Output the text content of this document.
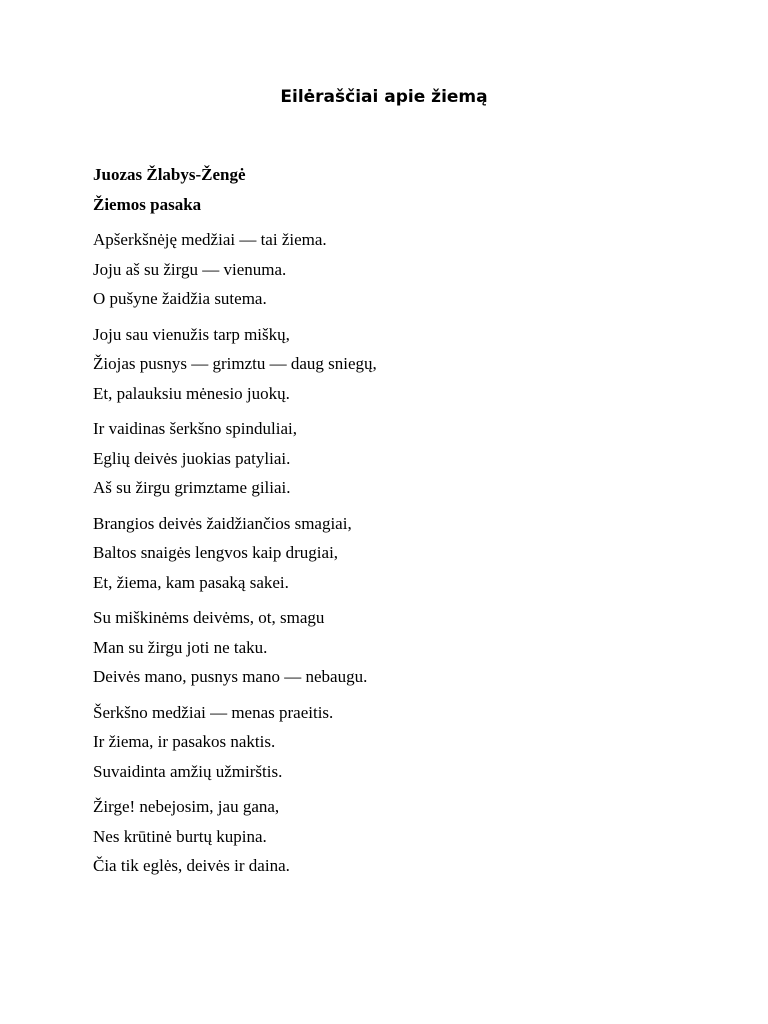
Eilėraščiai apie žiemą

Juozas Žlabys-Žengė

Žiemos pasaka

Apšerkšnėję medžiai — tai žiema.

Joju aš su žirgu — vienuma.

O pušyne žaidžia sutema.

Joju sau vienužis tarp miškų,

Žiojas pusnys — grimztu — daug sniegų,

Et, palauksiu mėnesio juokų.

Ir vaidinas šerkšno spinduliai,

Eglių deivės juokias patyliai.

Aš su žirgu grimztame giliai.

Brangios deivės žaidžiančios smagiai,

Baltos snaigės lengvos kaip drugiai,

Et, žiema, kam pasaką sakei.

Su miškinėms deivėms, ot, smagu

Man su žirgu joti ne taku.

Deivės mano, pusnys mano — nebaugu.

Šerkšno medžiai — menas praeitis.

Ir žiema, ir pasakos naktis.

Suvaidinta amžių užmirštis.

Žirge! nebejosim, jau gana,

Nes krūtinė burtų kupina.

Čia tik eglės, deivės ir daina.
